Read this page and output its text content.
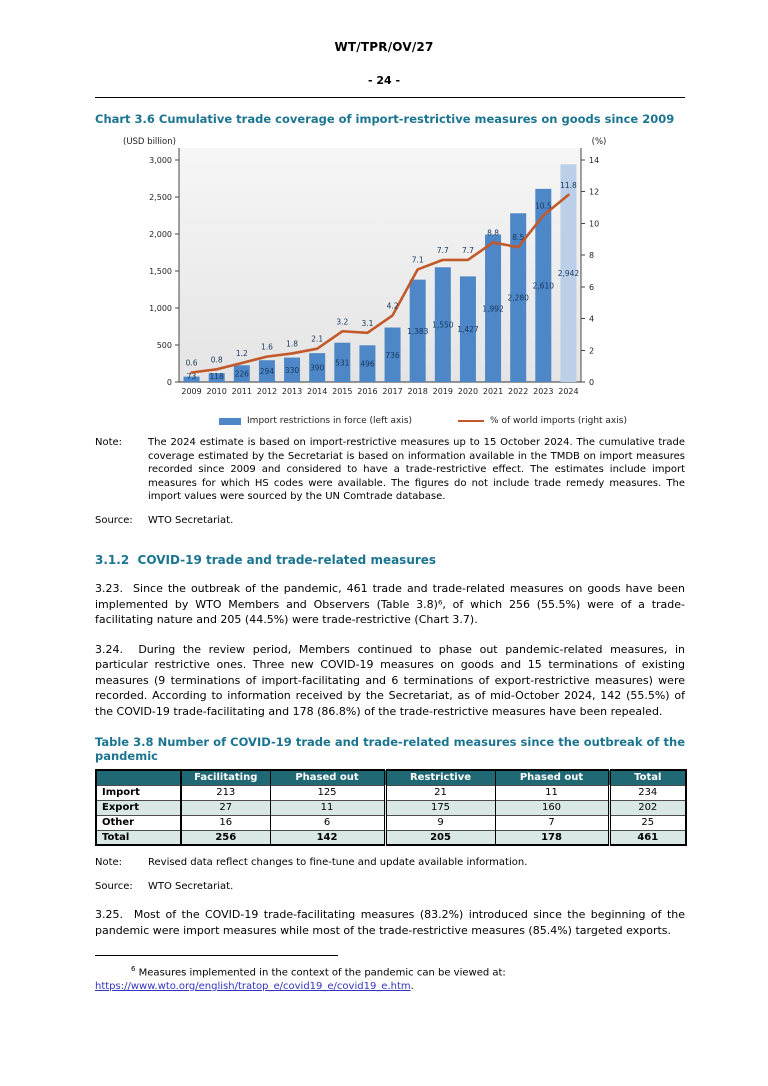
WT/TPR/OV/27
- 24 -
Chart 3.6 Cumulative trade coverage of import-restrictive measures on goods since 2009
(USD billion)	(%)
0
500
1,000
1,500
2,000
2,500
3,000
0
2
4
6
8
10
12
14
73 118 226 294 330 390
531 496
736
1,383
1,550
1,427
1,992
2,280
2,610
2,942
0.6 0.8
1.2
1.6 1.8
2.1
3.2 3.1
4.2
7.1
7.7 7.7
8.8
8.5
10.5
11.8
2009 2010 2011 2012 2013 2014 2015 2016 2017 2018 2019 2020 2021 2022 2023 2024
Import restrictions in force (left axis)	% of world imports (right axis)
Note:	The 2024 estimate is based on import-restrictive measures up to 15 October 2024. The cumulative trade coverage estimated by the Secretariat is based on information available in the TMDB on import measures recorded since 2009 and considered to have a trade-restrictive effect. The estimates include import measures for which HS codes were available. The figures do not include trade remedy measures. The import values were sourced by the UN Comtrade database.
Source:	WTO Secretariat.
3.1.2  COVID-19 trade and trade-related measures

3.23.  Since the outbreak of the pandemic, 461 trade and trade-related measures on goods have been implemented by WTO Members and Observers (Table 3.8)⁶, of which 256 (55.5%) were of a trade-facilitating nature and 205 (44.5%) were trade-restrictive (Chart 3.7).

3.24.  During the review period, Members continued to phase out pandemic-related measures, in particular restrictive ones. Three new COVID-19 measures on goods and 15 terminations of existing measures (9 terminations of import-facilitating and 6 terminations of export-restrictive measures) were recorded. According to information received by the Secretariat, as of mid-October 2024, 142 (55.5%) of the COVID-19 trade-facilitating and 178 (86.8%) of the trade-restrictive measures have been repealed.

Table 3.8 Number of COVID-19 trade and trade-related measures since the outbreak of the pandemic
	Facilitating	Phased out	Restrictive	Phased out	Total
Import	213	125	21	11	234
Export	27	11	175	160	202
Other	16	6	9	7	25
Total	256	142	205	178	461
Note:	Revised data reflect changes to fine-tune and update available information.
Source:	WTO Secretariat.

3.25.  Most of the COVID-19 trade-facilitating measures (83.2%) introduced since the beginning of the pandemic were import measures while most of the trade-restrictive measures (85.4%) targeted exports.

$^6$ Measures implemented in the context of the pandemic can be viewed at: https://www.wto.org/english/tratop_e/covid19_e/covid19_e.htm.
